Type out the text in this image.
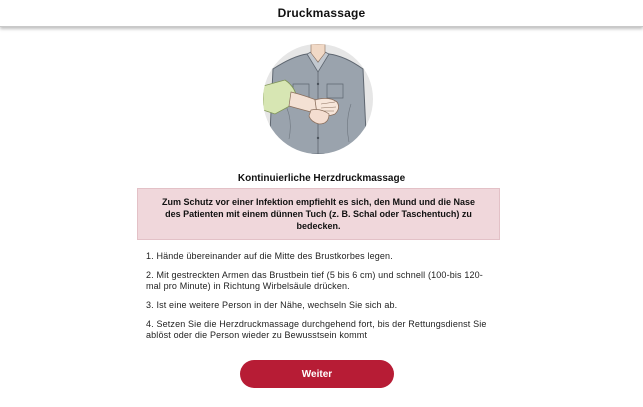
Druckmassage
Kontinuierliche Herzdruckmassage
Zum Schutz vor einer Infektion empfiehlt es sich, den Mund und die Nase des Patienten mit einem dünnen Tuch (z. B. Schal oder Taschentuch) zu bedecken.
1. Hände übereinander auf die Mitte des Brustkorbes legen.
2. Mit gestreckten Armen das Brustbein tief (5 bis 6 cm) und schnell (100-bis 120-mal pro Minute) in Richtung Wirbelsäule drücken.
3. Ist eine weitere Person in der Nähe, wechseln Sie sich ab.
4. Setzen Sie die Herzdruckmassage durchgehend fort, bis der Rettungsdienst Sie ablöst oder die Person wieder zu Bewusstsein kommt
Weiter
